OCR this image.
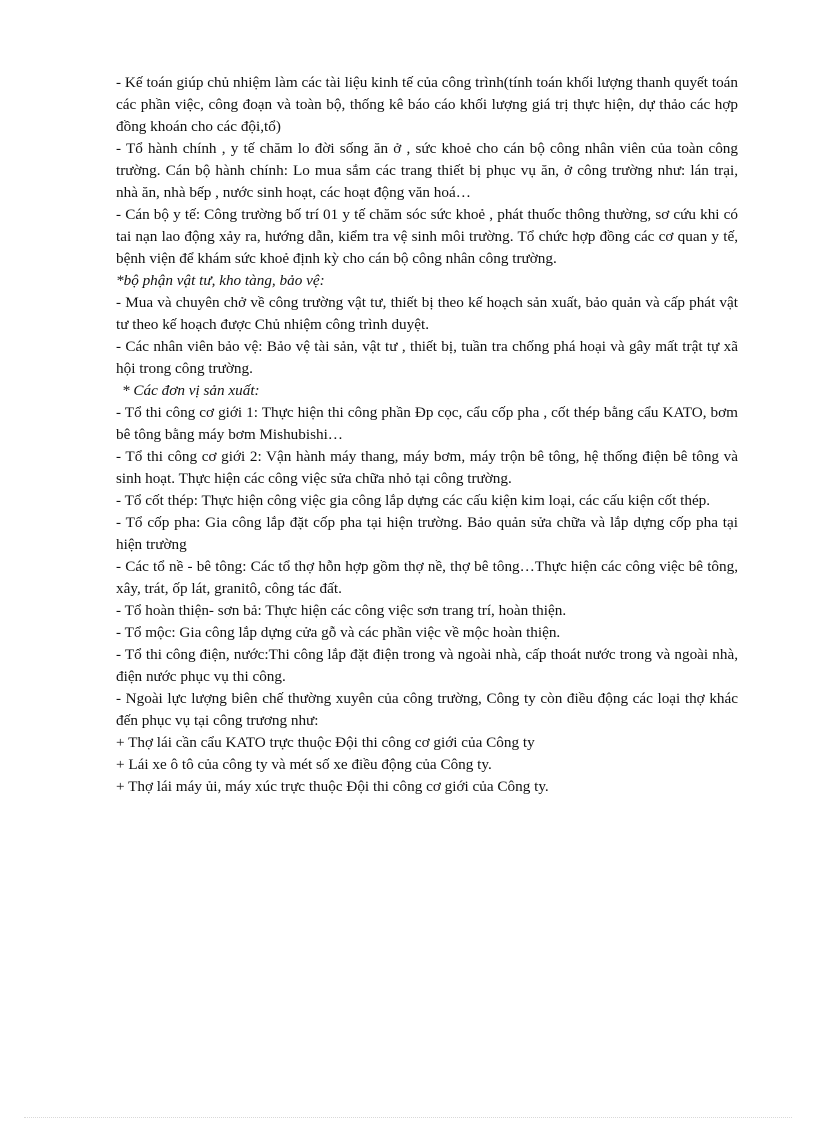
- Kế toán giúp chủ nhiệm làm các tài liệu kinh tế của công trình(tính toán khối lượng thanh quyết toán các phần việc, công đoạn và toàn bộ, thống kê báo cáo khối lượng giá trị thực hiện, dự thảo các hợp đồng khoán cho các đội,tổ)

- Tổ hành chính , y tế chăm lo đời sống ăn ở , sức khoẻ cho cán bộ công nhân viên của toàn công trường. Cán bộ hành chính: Lo mua sắm các trang thiết bị phục vụ ăn, ở công trường như: lán trại, nhà ăn, nhà bếp , nước sinh hoạt, các hoạt động văn hoá…

- Cán bộ y tế: Công trường bố trí 01 y tế chăm sóc sức khoẻ , phát thuốc thông thường, sơ cứu khi có tai nạn lao động xảy ra, hướng dẫn, kiểm tra vệ sinh môi trường. Tổ chức hợp đồng các cơ quan y tế, bệnh viện để khám sức khoẻ định kỳ cho cán bộ công nhân công trường.

*bộ phận vật tư, kho tàng, bảo vệ:

- Mua và chuyên chở về công trường vật tư, thiết bị theo kế hoạch sản xuất, bảo quản và cấp phát vật tư theo kế hoạch được Chủ nhiệm công trình duyệt.

- Các nhân viên bảo vệ: Bảo vệ tài sản, vật tư , thiết bị, tuần tra chống phá hoại và gây mất trật tự xã hội trong công trường.

* Các đơn vị sản xuất:

- Tổ thi công cơ giới 1: Thực hiện thi công phần Ðp cọc, cẩu cốp pha , cốt thép bằng cẩu KATO, bơm bê tông bằng máy bơm Mishubishi…

- Tổ thi công cơ giới 2: Vận hành máy thang, máy bơm, máy trộn bê tông, hệ thống điện bê tông và sinh hoạt. Thực hiện các công việc sửa chữa nhỏ tại công trường.

- Tổ cốt thép: Thực hiện công việc gia công lắp dựng các cấu kiện kim loại, các cấu kiện cốt thép.

- Tổ cốp pha: Gia công lắp đặt cốp pha tại hiện trường. Bảo quản sửa chữa và lắp dựng cốp pha tại hiện trường

- Các tổ nề - bê tông: Các tổ thợ hỗn hợp gồm thợ nề, thợ bê tông…Thực hiện các công việc bê tông, xây, trát, ốp lát, granitô, công tác đất.

- Tổ hoàn thiện- sơn bả: Thực hiện các công việc sơn trang trí, hoàn thiện.

- Tổ mộc: Gia công lắp dựng cửa gỗ và các phần việc về mộc hoàn thiện.

- Tổ thi công điện, nước:Thi công lắp đặt điện trong và ngoài nhà, cấp thoát nước trong và ngoài nhà, điện nước phục vụ thi công.

- Ngoài lực lượng biên chế thường xuyên của công trường, Công ty còn điều động các loại thợ khác đến phục vụ tại công trương như:

+ Thợ lái cần cẩu KATO trực thuộc Đội thi công cơ giới của Công ty

+ Lái xe ô tô của công ty và mét số xe điều động của Công ty.

+ Thợ lái máy ủi, máy xúc trực thuộc Đội thi công cơ giới của Công ty.
